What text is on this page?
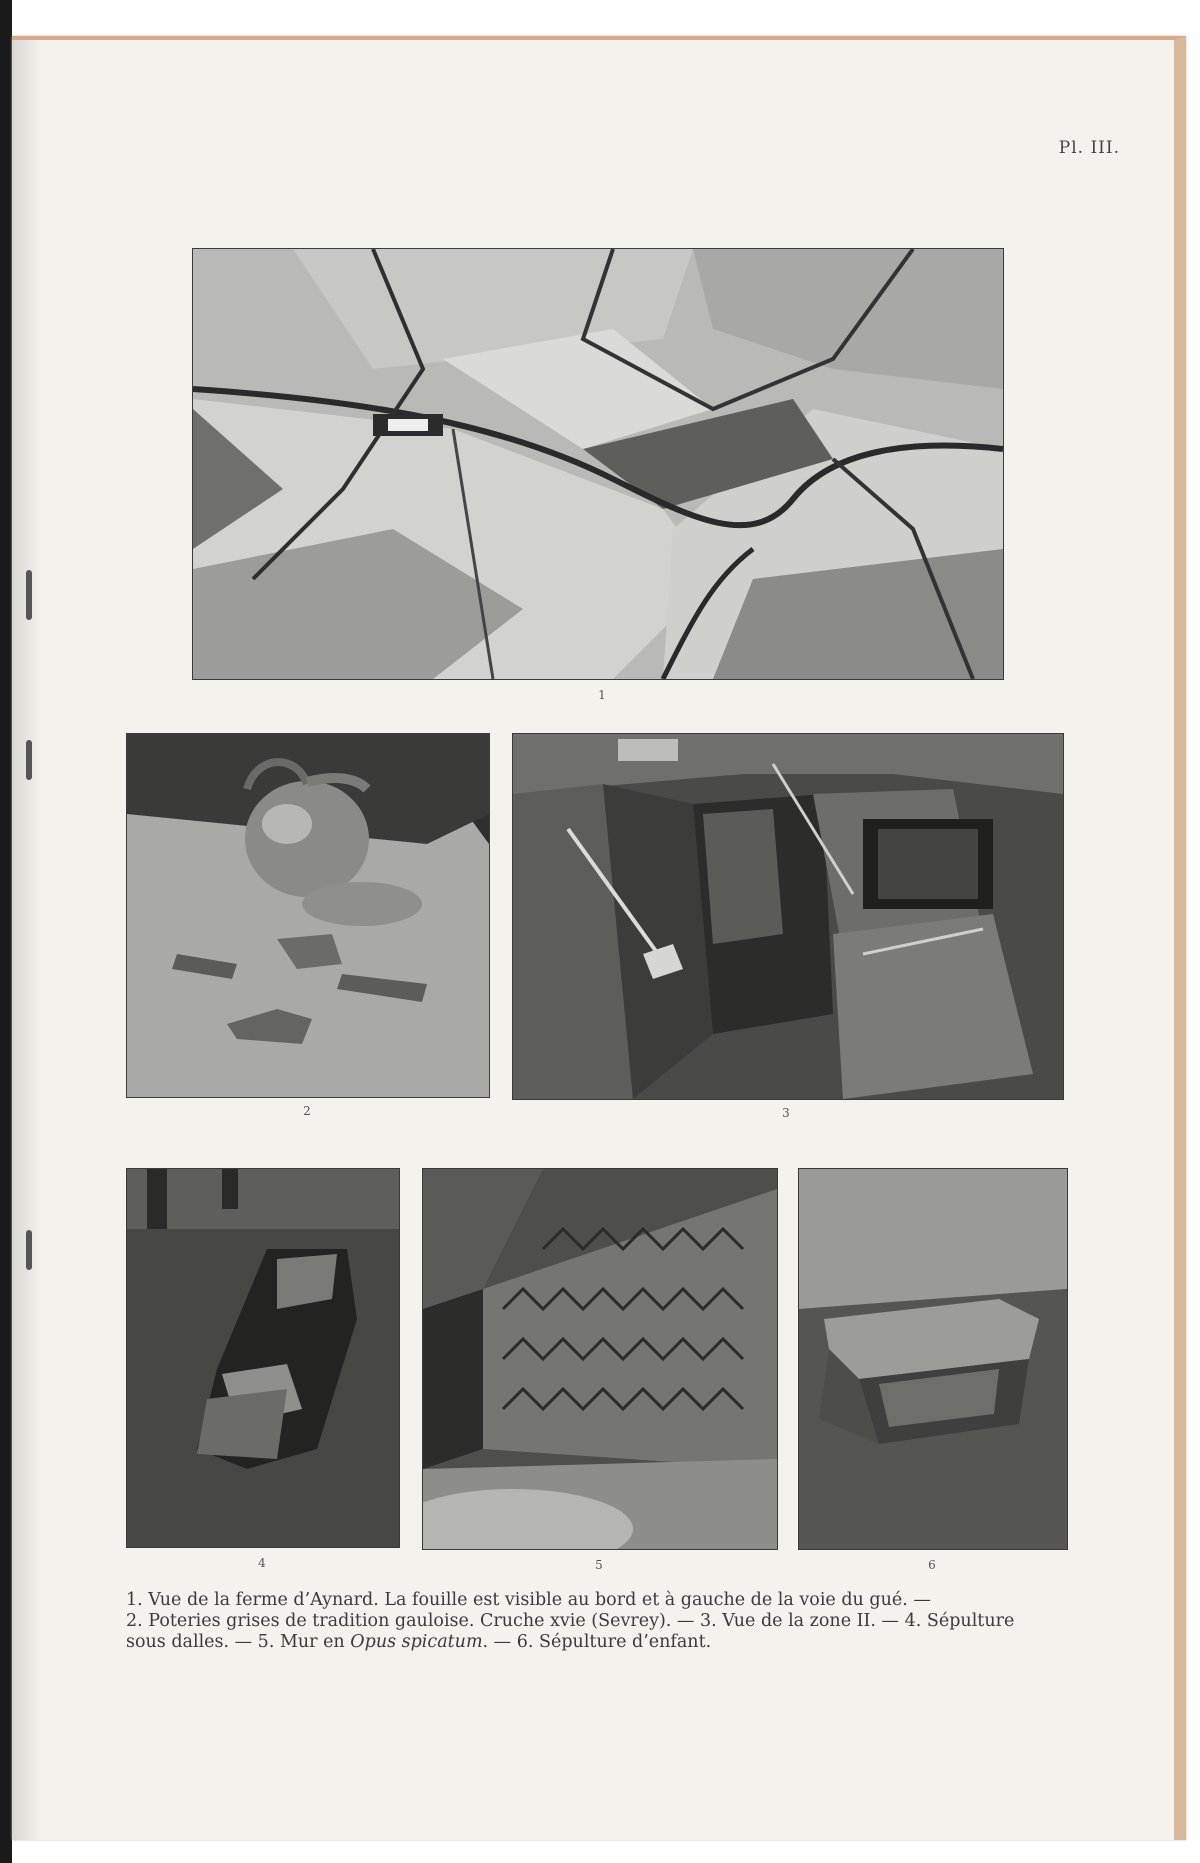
Pl. III.
1
2	3
4	5	6

1. Vue de la ferme d’Aynard. La fouille est visible au bord et à gauche de la voie du gué. —

2. Poteries grises de tradition gauloise. Cruche xvie (Sevrey). — 3. Vue de la zone II. — 4. Sépulture

sous dalles. — 5. Mur en Opus spicatum. — 6. Sépulture d’enfant.
